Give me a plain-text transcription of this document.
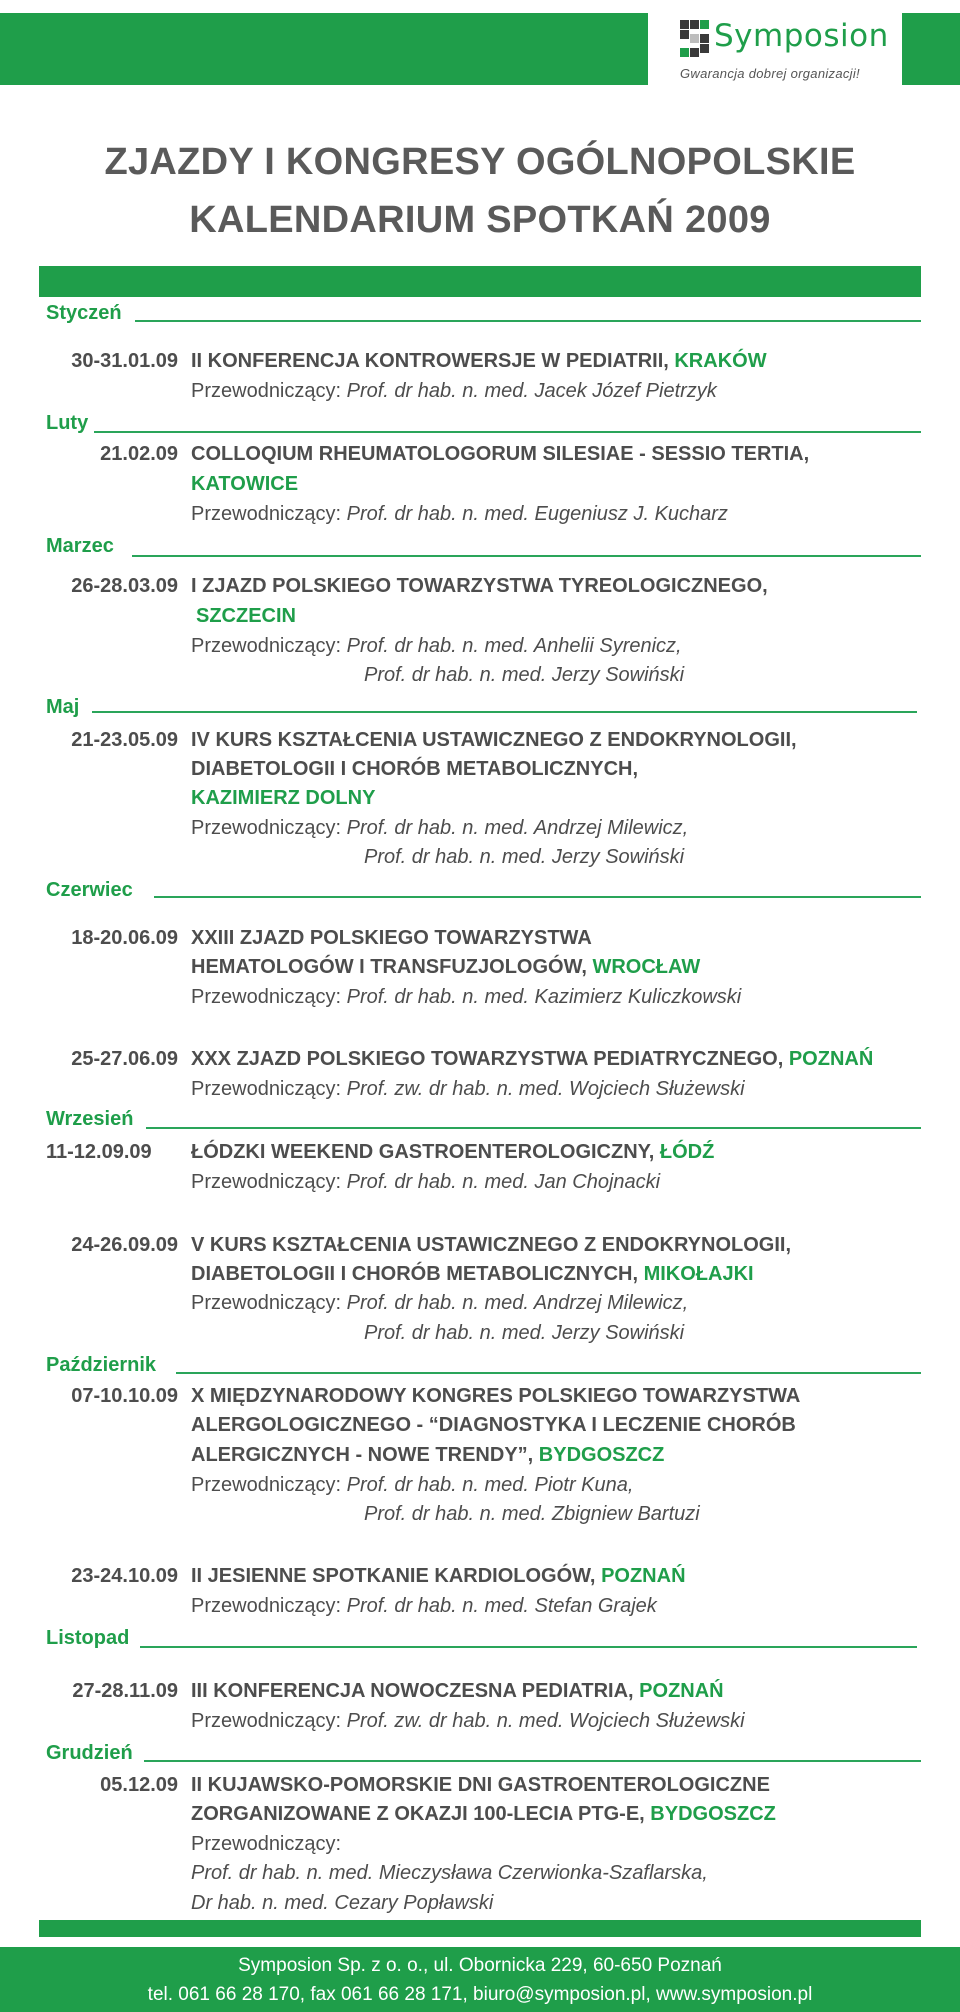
Symposion
Gwarancja dobrej organizacji!
ZJAZDY I KONGRESY OGÓLNOPOLSKIE
KALENDARIUM SPOTKAŃ 2009
Styczeń
30-31.01.09 II KONFERENCJA KONTROWERSJE W PEDIATRII, KRAKÓW
Przewodniczący: Prof. dr hab. n. med. Jacek Józef Pietrzyk
Luty
21.02.09 COLLOQIUM RHEUMATOLOGORUM SILESIAE - SESSIO TERTIA,
KATOWICE
Przewodniczący: Prof. dr hab. n. med. Eugeniusz J. Kucharz
Marzec
26-28.03.09 I ZJAZD POLSKIEGO TOWARZYSTWA TYREOLOGICZNEGO,
SZCZECIN
Przewodniczący: Prof. dr hab. n. med. Anhelii Syrenicz,
Prof. dr hab. n. med. Jerzy Sowiński
Maj
21-23.05.09 IV KURS KSZTAŁCENIA USTAWICZNEGO Z ENDOKRYNOLOGII,
DIABETOLOGII I CHORÓB METABOLICZNYCH,
KAZIMIERZ DOLNY
Przewodniczący: Prof. dr hab. n. med. Andrzej Milewicz,
Prof. dr hab. n. med. Jerzy Sowiński
Czerwiec
18-20.06.09 XXIII ZJAZD POLSKIEGO TOWARZYSTWA
HEMATOLOGÓW I TRANSFUZJOLOGÓW, WROCŁAW
Przewodniczący: Prof. dr hab. n. med. Kazimierz Kuliczkowski
25-27.06.09 XXX ZJAZD POLSKIEGO TOWARZYSTWA PEDIATRYCZNEGO, POZNAŃ
Przewodniczący: Prof. zw. dr hab. n. med. Wojciech Służewski
Wrzesień
11-12.09.09	ŁÓDZKI WEEKEND GASTROENTEROLOGICZNY, ŁÓDŹ
Przewodniczący: Prof. dr hab. n. med. Jan Chojnacki
24-26.09.09 V KURS KSZTAŁCENIA USTAWICZNEGO Z ENDOKRYNOLOGII,
DIABETOLOGII I CHORÓB METABOLICZNYCH, MIKOŁAJKI
Przewodniczący: Prof. dr hab. n. med. Andrzej Milewicz,
Prof. dr hab. n. med. Jerzy Sowiński
Październik
07-10.10.09 X MIĘDZYNARODOWY KONGRES POLSKIEGO TOWARZYSTWA
ALERGOLOGICZNEGO - “DIAGNOSTYKA I LECZENIE CHORÓB
ALERGICZNYCH - NOWE TRENDY”, BYDGOSZCZ
Przewodniczący: Prof. dr hab. n. med. Piotr Kuna,
Prof. dr hab. n. med. Zbigniew Bartuzi
23-24.10.09 II JESIENNE SPOTKANIE KARDIOLOGÓW, POZNAŃ
Przewodniczący: Prof. dr hab. n. med. Stefan Grajek
Listopad
27-28.11.09 III KONFERENCJA NOWOCZESNA PEDIATRIA, POZNAŃ
Przewodniczący: Prof. zw. dr hab. n. med. Wojciech Służewski
Grudzień
05.12.09 II KUJAWSKO-POMORSKIE DNI GASTROENTEROLOGICZNE
ZORGANIZOWANE Z OKAZJI 100-LECIA PTG-E, BYDGOSZCZ
Przewodniczący:
Prof. dr hab. n. med. Mieczysława Czerwionka-Szaflarska,
Dr hab. n. med. Cezary Popławski
Symposion Sp. z o. o., ul. Obornicka 229, 60-650 Poznań
tel. 061 66 28 170, fax 061 66 28 171, biuro@symposion.pl, www.symposion.pl
